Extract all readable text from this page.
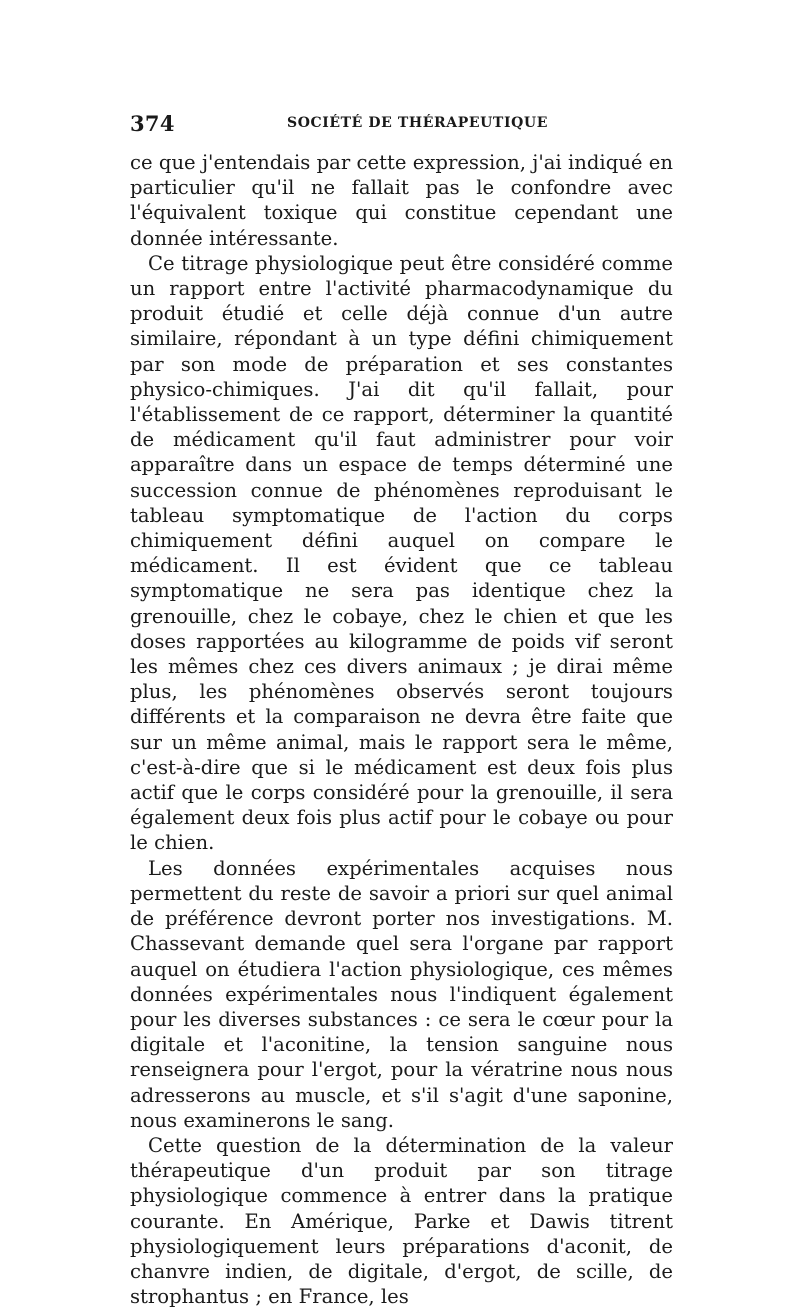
374	SOCIÉTÉ DE THÉRAPEUTIQUE

ce que j'entendais par cette expression, j'ai indiqué en particulier qu'il ne fallait pas le confondre avec l'équivalent toxique qui constitue cependant une donnée intéressante.

Ce titrage physiologique peut être considéré comme un rapport entre l'activité pharmacodynamique du produit étudié et celle déjà connue d'un autre similaire, répondant à un type défini chimiquement par son mode de préparation et ses constantes physico-chimiques. J'ai dit qu'il fallait, pour l'établissement de ce rapport, déterminer la quantité de médicament qu'il faut administrer pour voir apparaître dans un espace de temps déterminé une succession connue de phénomènes reproduisant le tableau symptomatique de l'action du corps chimiquement défini auquel on compare le médicament. Il est évident que ce tableau symptomatique ne sera pas identique chez la grenouille, chez le cobaye, chez le chien et que les doses rapportées au kilogramme de poids vif seront les mêmes chez ces divers animaux ; je dirai même plus, les phénomènes observés seront toujours différents et la comparaison ne devra être faite que sur un même animal, mais le rapport sera le même, c'est-à-dire que si le médicament est deux fois plus actif que le corps considéré pour la grenouille, il sera également deux fois plus actif pour le cobaye ou pour le chien.

Les données expérimentales acquises nous permettent du reste de savoir a priori sur quel animal de préférence devront porter nos investigations. M. Chassevant demande quel sera l'organe par rapport auquel on étudiera l'action physiologique, ces mêmes données expérimentales nous l'indiquent également pour les diverses substances : ce sera le cœur pour la digitale et l'aconitine, la tension sanguine nous renseignera pour l'ergot, pour la vératrine nous nous adresserons au muscle, et s'il s'agit d'une saponine, nous examinerons le sang.

Cette question de la détermination de la valeur thérapeutique d'un produit par son titrage physiologique commence à entrer dans la pratique courante. En Amérique, Parke et Dawis titrent physiologiquement leurs préparations d'aconit, de chanvre indien, de digitale, d'ergot, de scille, de strophantus ; en France, les
